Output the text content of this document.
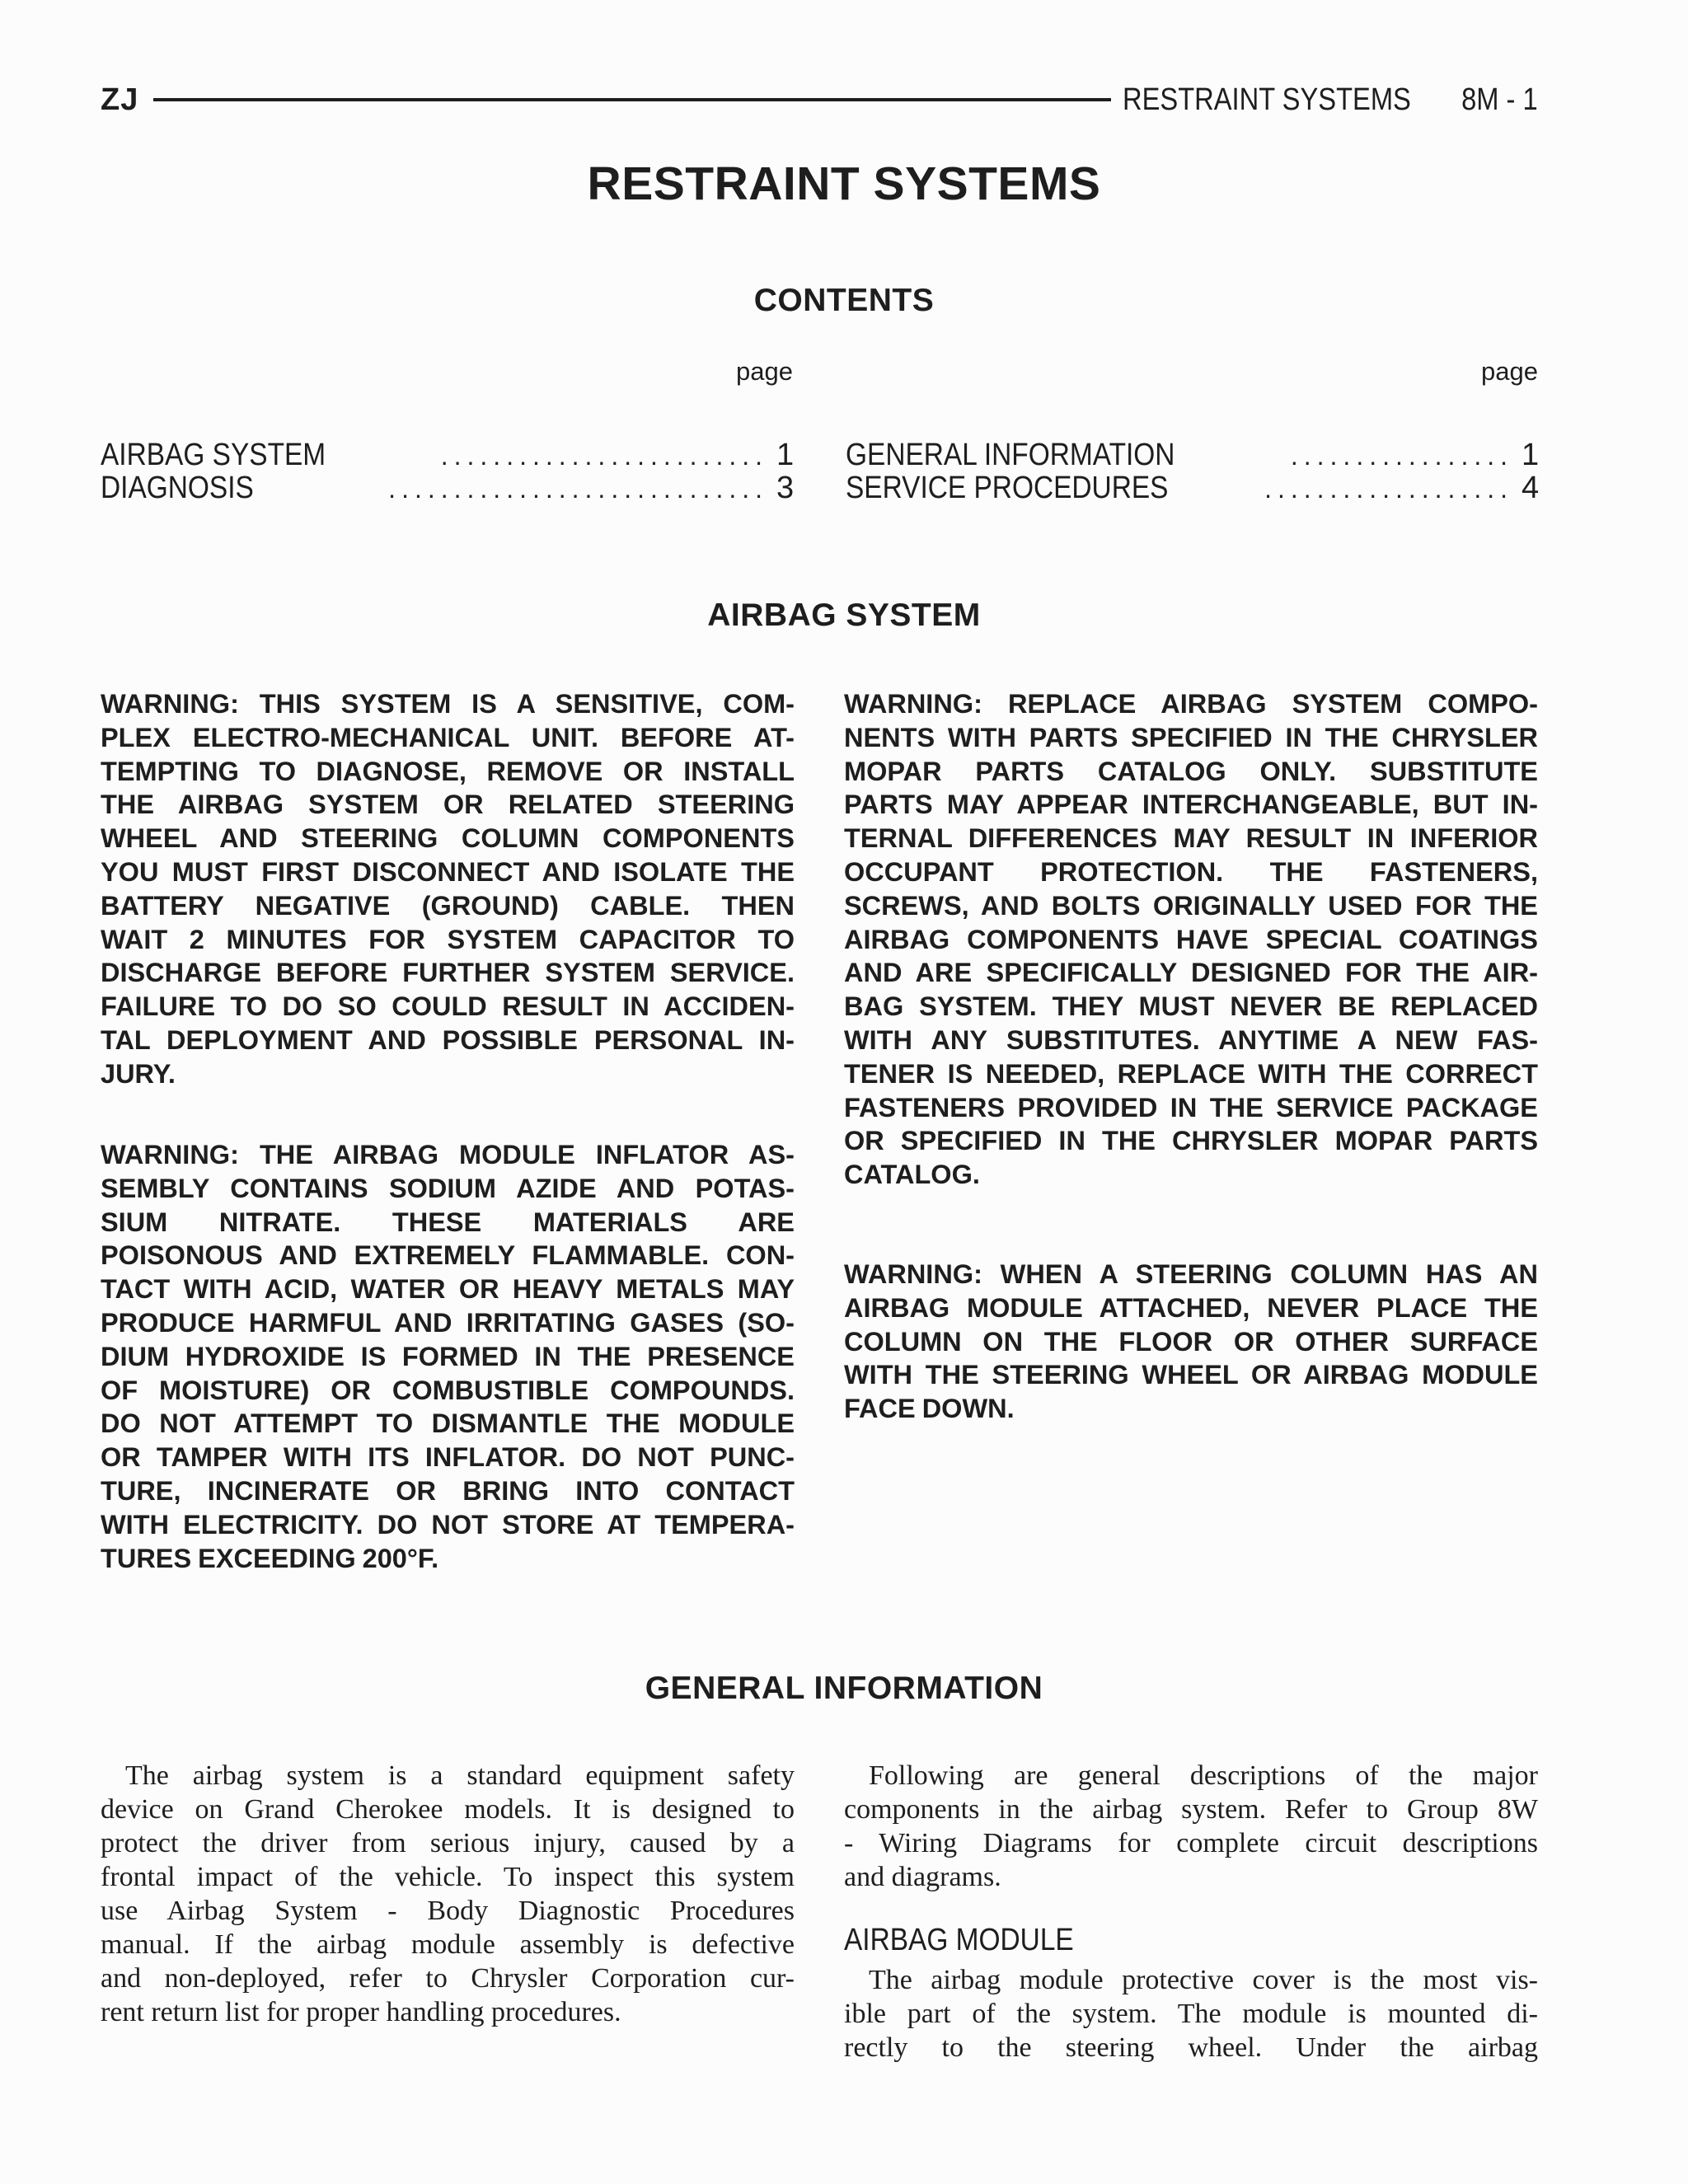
ZJ	RESTRAINT SYSTEMS 8M - 1
RESTRAINT SYSTEMS
CONTENTS
page
AIRBAG SYSTEM	......................... 1
DIAGNOSIS	............................. 3
page
GENERAL INFORMATION	................. 1
SERVICE PROCEDURES	................... 4
AIRBAG SYSTEM
WARNING: THIS SYSTEM IS A SENSITIVE, COM-
PLEX ELECTRO-MECHANICAL UNIT. BEFORE AT-
TEMPTING TO DIAGNOSE, REMOVE OR INSTALL
THE AIRBAG SYSTEM OR RELATED STEERING
WHEEL AND STEERING COLUMN COMPONENTS
YOU MUST FIRST DISCONNECT AND ISOLATE THE
BATTERY NEGATIVE (GROUND) CABLE. THEN
WAIT 2 MINUTES FOR SYSTEM CAPACITOR TO
DISCHARGE BEFORE FURTHER SYSTEM SERVICE.
FAILURE TO DO SO COULD RESULT IN ACCIDEN-
TAL DEPLOYMENT AND POSSIBLE PERSONAL IN-
JURY.
WARNING: THE AIRBAG MODULE INFLATOR AS-
SEMBLY CONTAINS SODIUM AZIDE AND POTAS-
SIUM NITRATE. THESE MATERIALS ARE
POISONOUS AND EXTREMELY FLAMMABLE. CON-
TACT WITH ACID, WATER OR HEAVY METALS MAY
PRODUCE HARMFUL AND IRRITATING GASES (SO-
DIUM HYDROXIDE IS FORMED IN THE PRESENCE
OF MOISTURE) OR COMBUSTIBLE COMPOUNDS.
DO NOT ATTEMPT TO DISMANTLE THE MODULE
OR TAMPER WITH ITS INFLATOR. DO NOT PUNC-
TURE, INCINERATE OR BRING INTO CONTACT
WITH ELECTRICITY. DO NOT STORE AT TEMPERA-
TURES EXCEEDING 200°F.
WARNING: REPLACE AIRBAG SYSTEM COMPO-
NENTS WITH PARTS SPECIFIED IN THE CHRYSLER
MOPAR PARTS CATALOG ONLY. SUBSTITUTE
PARTS MAY APPEAR INTERCHANGEABLE, BUT IN-
TERNAL DIFFERENCES MAY RESULT IN INFERIOR
OCCUPANT PROTECTION. THE FASTENERS,
SCREWS, AND BOLTS ORIGINALLY USED FOR THE
AIRBAG COMPONENTS HAVE SPECIAL COATINGS
AND ARE SPECIFICALLY DESIGNED FOR THE AIR-
BAG SYSTEM. THEY MUST NEVER BE REPLACED
WITH ANY SUBSTITUTES. ANYTIME A NEW FAS-
TENER IS NEEDED, REPLACE WITH THE CORRECT
FASTENERS PROVIDED IN THE SERVICE PACKAGE
OR SPECIFIED IN THE CHRYSLER MOPAR PARTS
CATALOG.
WARNING: WHEN A STEERING COLUMN HAS AN
AIRBAG MODULE ATTACHED, NEVER PLACE THE
COLUMN ON THE FLOOR OR OTHER SURFACE
WITH THE STEERING WHEEL OR AIRBAG MODULE
FACE DOWN.
GENERAL INFORMATION
The airbag system is a standard equipment safety
device on Grand Cherokee models. It is designed to
protect the driver from serious injury, caused by a
frontal impact of the vehicle. To inspect this system
use Airbag System - Body Diagnostic Procedures
manual. If the airbag module assembly is defective
and non-deployed, refer to Chrysler Corporation cur-
rent return list for proper handling procedures.
Following are general descriptions of the major
components in the airbag system. Refer to Group 8W
- Wiring Diagrams for complete circuit descriptions
and diagrams.
AIRBAG MODULE
The airbag module protective cover is the most vis-
ible part of the system. The module is mounted di-
rectly to the steering wheel. Under the airbag
